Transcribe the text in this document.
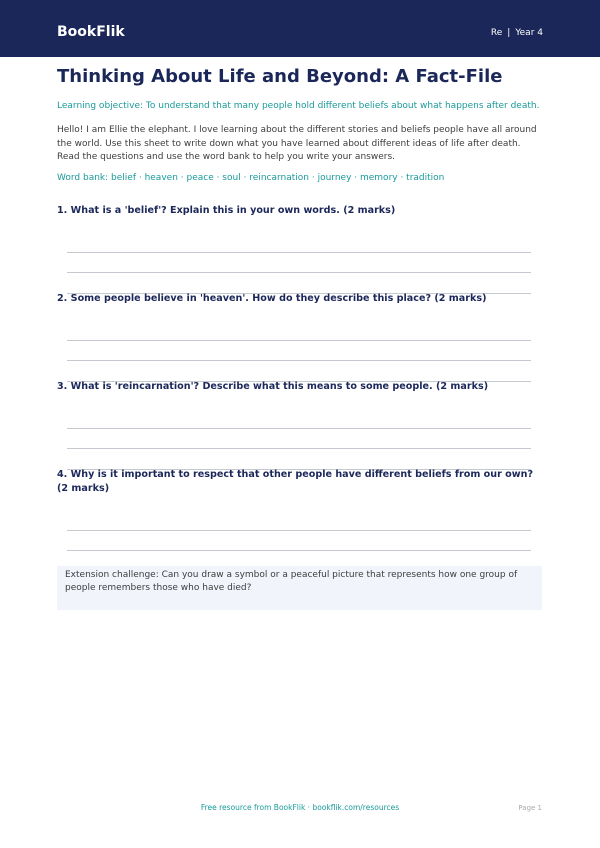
BookFlik	Re | Year 4
Thinking About Life and Beyond: A Fact-File
Learning objective: To understand that many people hold different beliefs about what happens after death.
Hello! I am Ellie the elephant. I love learning about the different stories and beliefs people have all around the world. Use this sheet to write down what you have learned about different ideas of life after death. Read the questions and use the word bank to help you write your answers.
Word bank: belief · heaven · peace · soul · reincarnation · journey · memory · tradition
1. What is a 'belief'? Explain this in your own words. (2 marks)
2. Some people believe in 'heaven'. How do they describe this place? (2 marks)
3. What is 'reincarnation'? Describe what this means to some people. (2 marks)
4. Why is it important to respect that other people have different beliefs from our own? (2 marks)
Extension challenge: Can you draw a symbol or a peaceful picture that represents how one group of people remembers those who have died?
Free resource from BookFlik · bookflik.com/resources	Page 1
